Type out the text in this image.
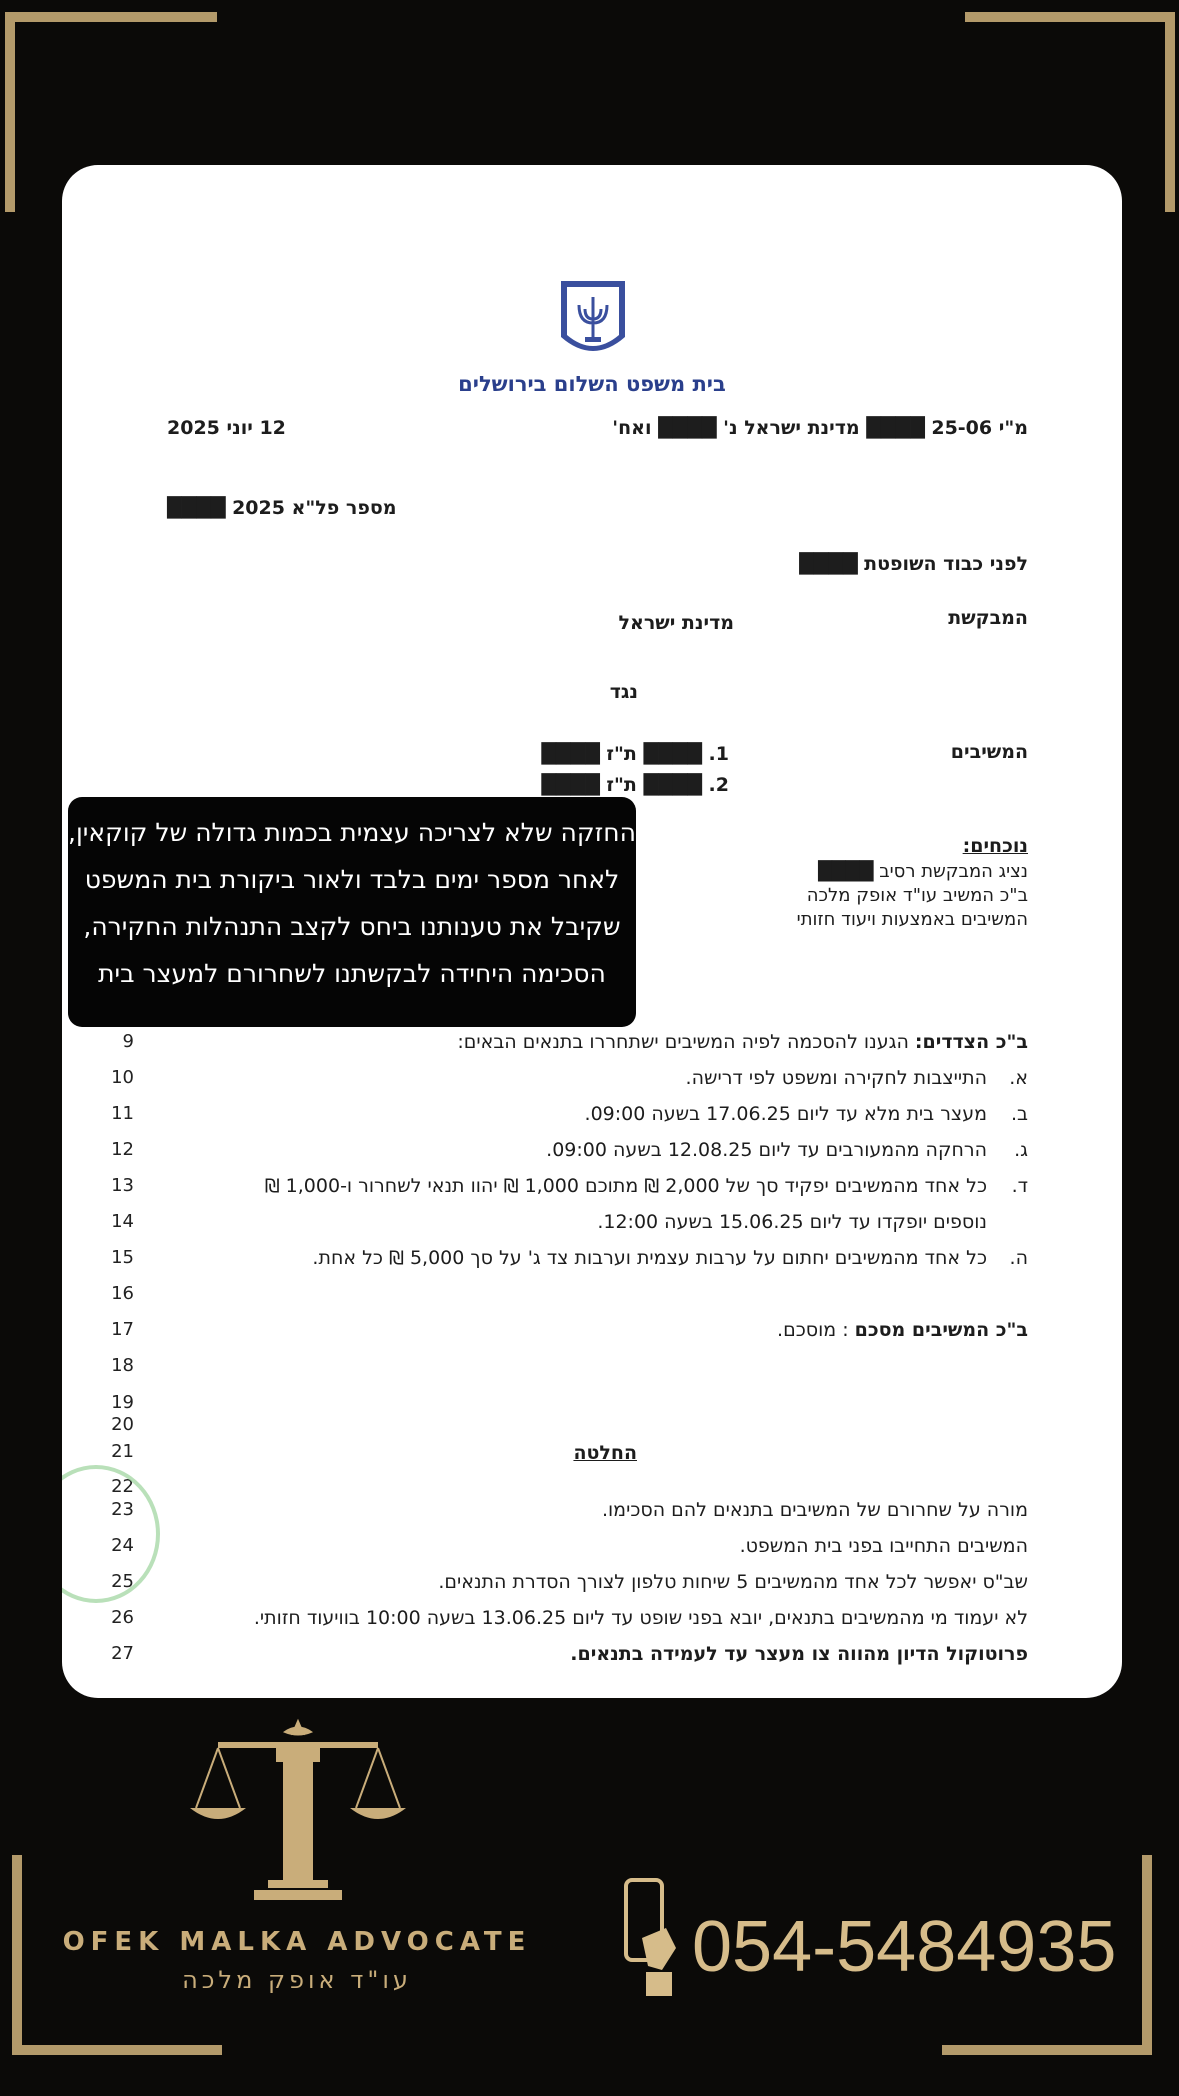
בית משפט השלום בירושלים
מ"י 25-06 ████ מדינת ישראל נ' ████ ואח'
12 יוני 2025
מספר פל"א 2025 ████
לפני כבוד השופטת ████
המבקשת
מדינת ישראל
נגד
המשיבים
1. ████ ת"ז ████
2. ████ ת"ז ████
נוכחים:
נציג המבקשת רסיב ████
ב"כ המשיב עו"ד אופק מלכה
המשיבים באמצעות ויעוד חזותי
9
10
11
12
13
14
15
16
17
18
19
20
21
22
23
24
25
26
27
ב"כ הצדדים: הגענו להסכמה לפיה המשיבים ישתחררו בתנאים הבאים:
א.
התייצבות לחקירה ומשפט לפי דרישה.
ב.
מעצר בית מלא עד ליום 17.06.25 בשעה 09:00.
ג.
הרחקה מהמעורבים עד ליום 12.08.25 בשעה 09:00.
ד.
כל אחד מהמשיבים יפקיד סך של 2,000 ₪ מתוכם 1,000 ₪ יהוו תנאי לשחרור ו-1,000 ₪
נוספים יופקדו עד ליום 15.06.25 בשעה 12:00.
ה.
כל אחד מהמשיבים יחתום על ערבות עצמית וערבות צד ג' על סך 5,000 ₪ כל אחת.
ב"כ המשיבים מסכם : מוסכם.
החלטה
מורה על שחרורם של המשיבים בתנאים להם הסכימו.
המשיבים התחייבו בפני בית המשפט.
שב"ס יאפשר לכל אחד מהמשיבים 5 שיחות טלפון לצורך הסדרת התנאים.
לא יעמוד מי מהמשיבים בתנאים, יובא בפני שופט עד ליום 13.06.25 בשעה 10:00 בוויעוד חזותי.
פרוטוקול הדיון מהווה צו מעצר עד לעמידה בתנאים.
החזקה שלא לצריכה עצמית בכמות גדולה של קוקאין,
לאחר מספר ימים בלבד ולאור ביקורת בית המשפט
שקיבל את טענותנו ביחס לקצב התנהלות החקירה,
הסכימה היחידה לבקשתנו לשחרורם למעצר בית
OFEK MALKA ADVOCATE
עו"ד אופק מלכה	054-5484935
